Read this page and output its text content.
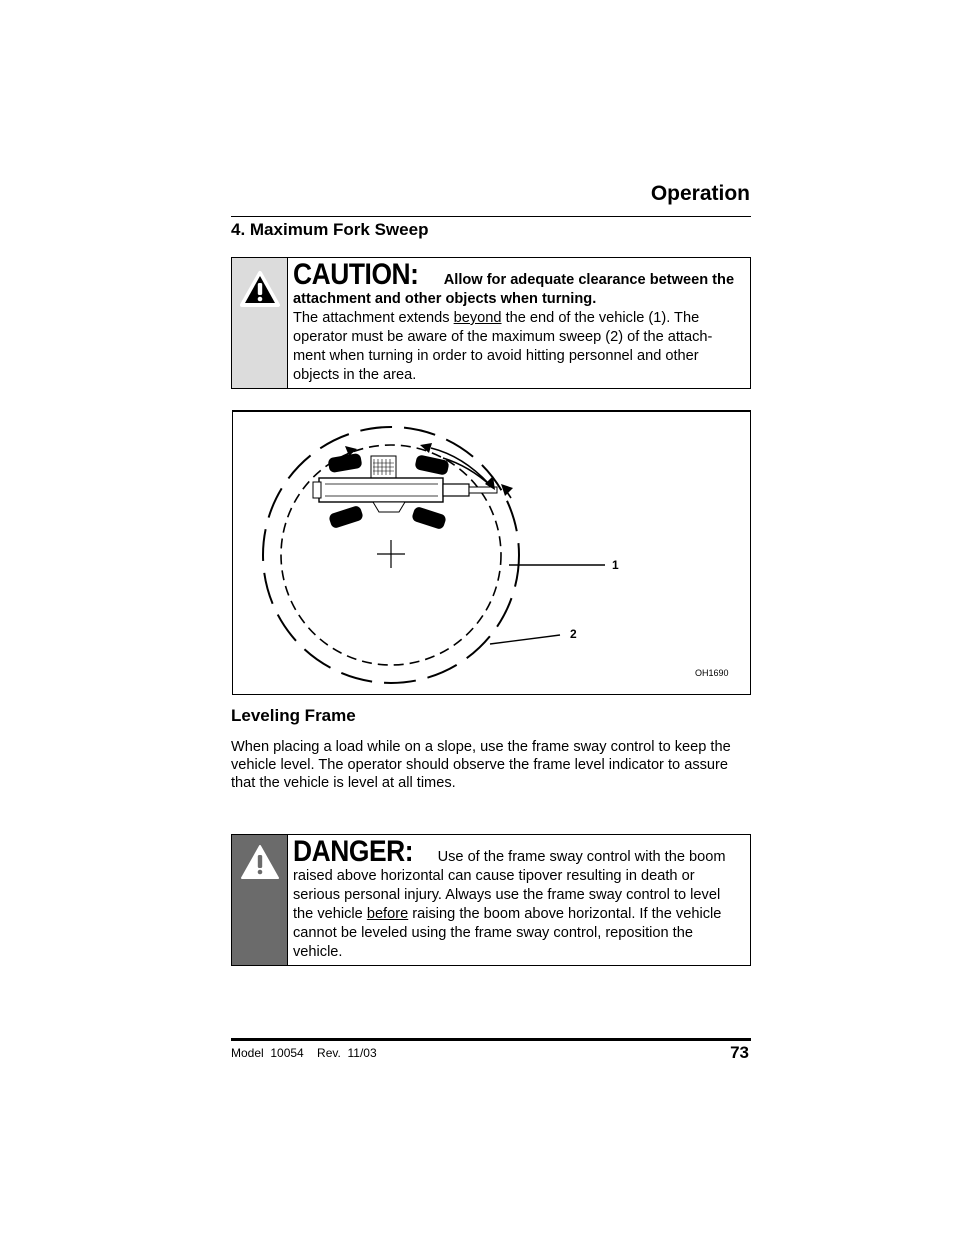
Operation
4. Maximum Fork Sweep
CAUTION: Allow for adequate clearance between the attachment and other objects when turning.
The attachment extends beyond the end of the vehicle (1). The operator must be aware of the maximum sweep (2) of the attach-ment when turning in order to avoid hitting personnel and other objects in the area.
1
2
OH1690
Leveling Frame
When placing a load while on a slope, use the frame sway control to keep the vehicle level. The operator should observe the frame level indicator to assure that the vehicle is level at all times.
DANGER: Use of the frame sway control with the boom raised above horizontal can cause tipover resulting in death or serious personal injury. Always use the frame sway control to level the vehicle before raising the boom above horizontal. If the vehicle cannot be leveled using the frame sway control, reposition the vehicle.
Model  10054    Rev.  11/03	73
